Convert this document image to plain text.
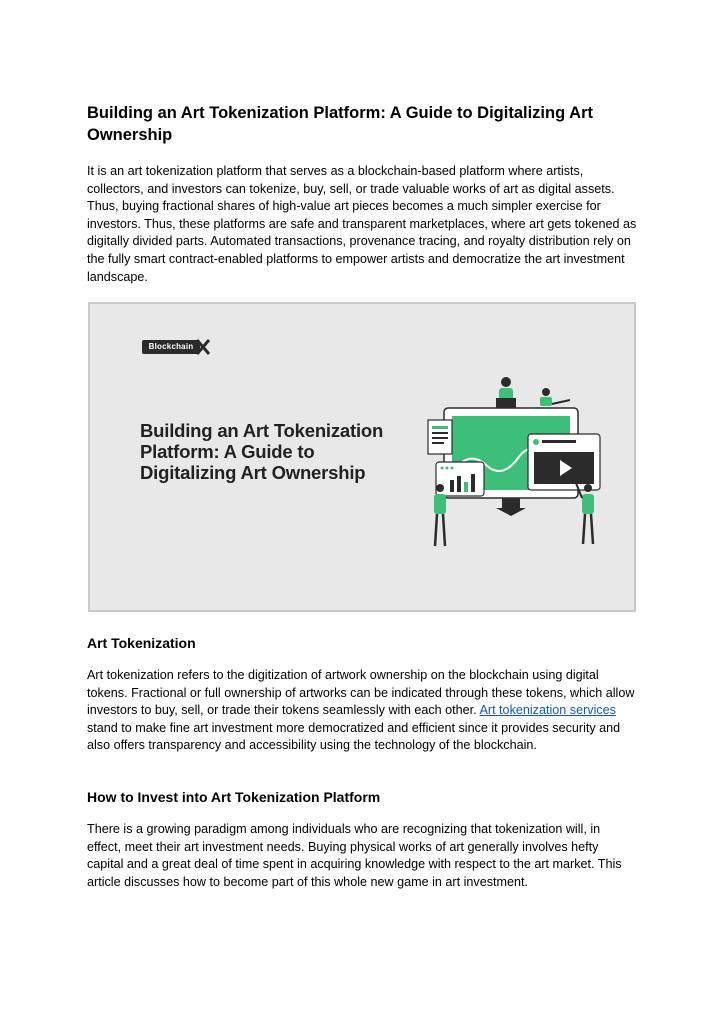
Building an Art Tokenization Platform: A Guide to Digitalizing Art Ownership

It is an art tokenization platform that serves as a blockchain-based platform where artists, collectors, and investors can tokenize, buy, sell, or trade valuable works of art as digital assets. Thus, buying fractional shares of high-value art pieces becomes a much simpler exercise for investors. Thus, these platforms are safe and transparent marketplaces, where art gets tokened as digitally divided parts. Automated transactions, provenance tracing, and royalty distribution rely on the fully smart contract-enabled platforms to empower artists and democratize the art investment landscape.

Blockchain
Building an Art Tokenization Platform: A Guide to Digitalizing Art Ownership
Art Tokenization

Art tokenization refers to the digitization of artwork ownership on the blockchain using digital tokens. Fractional or full ownership of artworks can be indicated through these tokens, which allow investors to buy, sell, or trade their tokens seamlessly with each other. Art tokenization services stand to make fine art investment more democratized and efficient since it provides security and also offers transparency and accessibility using the technology of the blockchain.

How to Invest into Art Tokenization Platform

There is a growing paradigm among individuals who are recognizing that tokenization will, in effect, meet their art investment needs. Buying physical works of art generally involves hefty capital and a great deal of time spent in acquiring knowledge with respect to the art market. This article discusses how to become part of this whole new game in art investment.
